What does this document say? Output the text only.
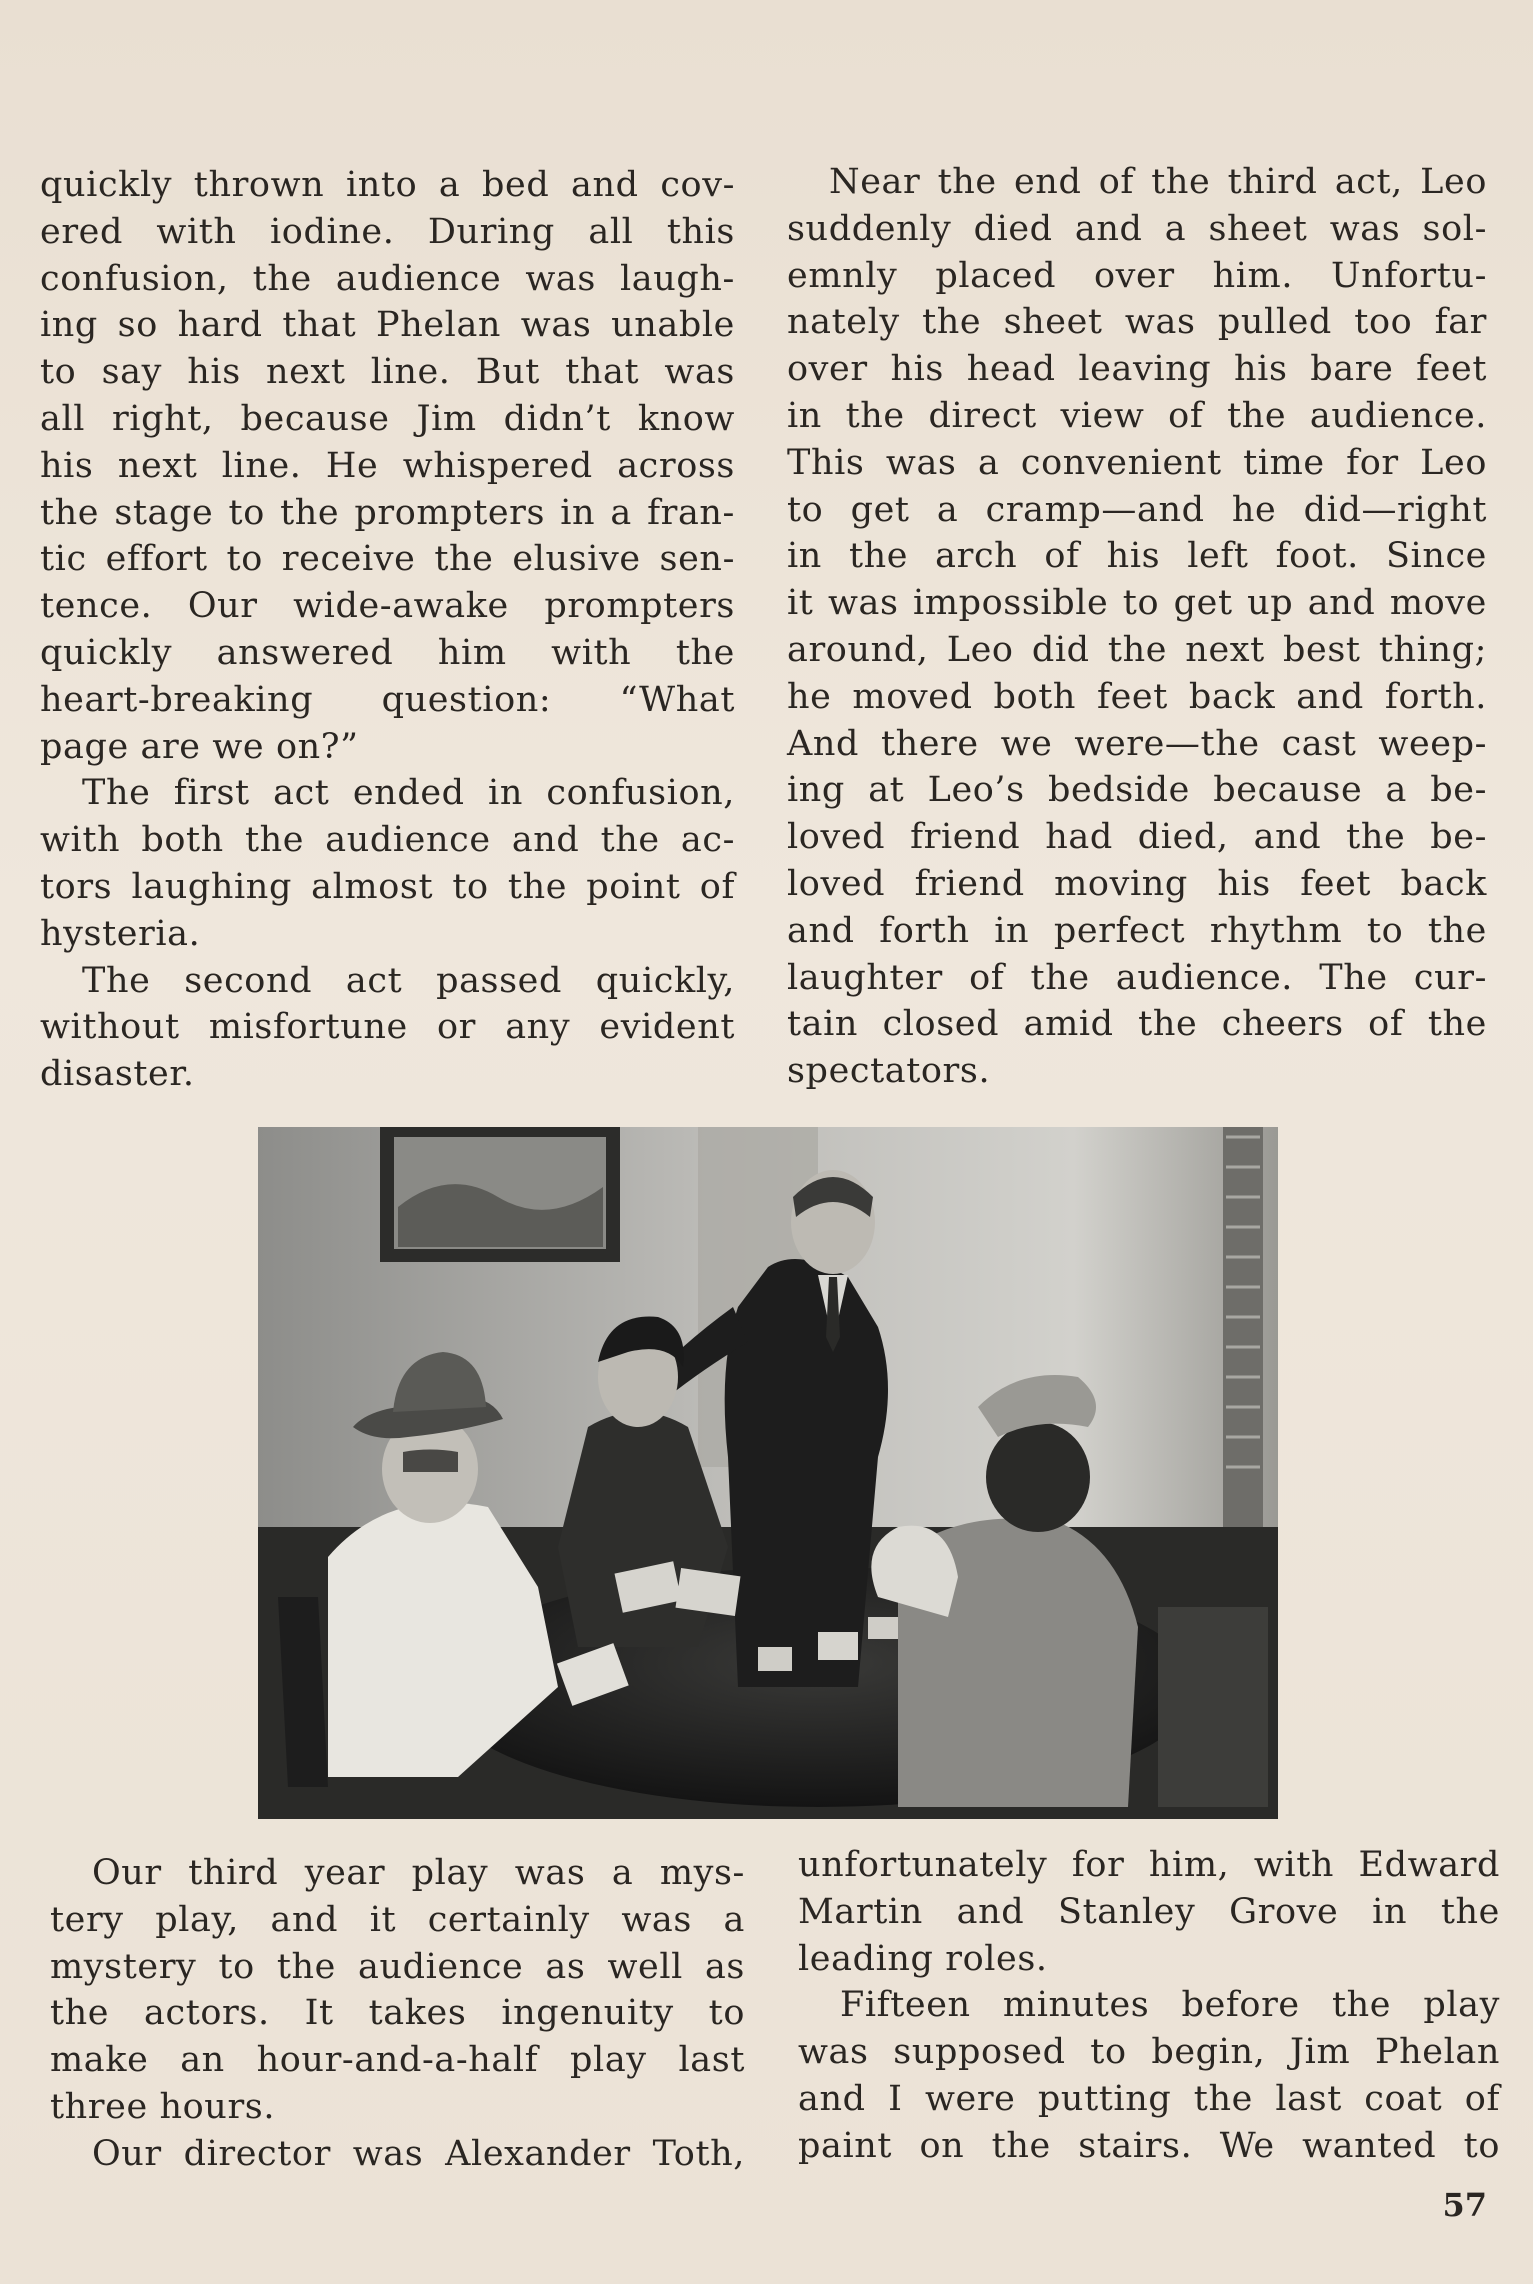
quickly thrown into a bed and cov-
ered with iodine. During all this
confusion, the audience was laugh-
ing so hard that Phelan was unable
to say his next line. But that was
all right, because Jim didn’t know
his next line. He whispered across
the stage to the prompters in a fran-
tic effort to receive the elusive sen-
tence. Our wide-awake prompters
quickly answered him with the
heart-breaking question: “What
page are we on?”
The first act ended in confusion,
with both the audience and the ac-
tors laughing almost to the point of
hysteria.
The second act passed quickly,
without misfortune or any evident
disaster.
Near the end of the third act, Leo
suddenly died and a sheet was sol-
emnly placed over him. Unfortu-
nately the sheet was pulled too far
over his head leaving his bare feet
in the direct view of the audience.
This was a convenient time for Leo
to get a cramp—and he did—right
in the arch of his left foot. Since
it was impossible to get up and move
around, Leo did the next best thing;
he moved both feet back and forth.
And there we were—the cast weep-
ing at Leo’s bedside because a be-
loved friend had died, and the be-
loved friend moving his feet back
and forth in perfect rhythm to the
laughter of the audience. The cur-
tain closed amid the cheers of the
spectators.
Our third year play was a mys-
tery play, and it certainly was a
mystery to the audience as well as
the actors. It takes ingenuity to
make an hour-and-a-half play last
three hours.
Our director was Alexander Toth,
unfortunately for him, with Edward
Martin and Stanley Grove in the
leading roles.
Fifteen minutes before the play
was supposed to begin, Jim Phelan
and I were putting the last coat of
paint on the stairs. We wanted to
57
